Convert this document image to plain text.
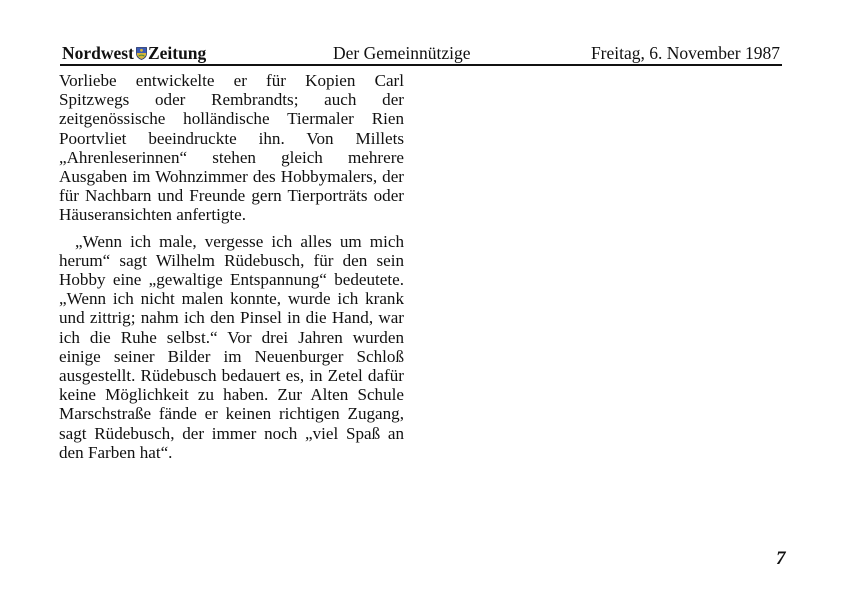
Nordwest Zeitung	Der Gemeinnützige	Freitag, 6. November 1987

Vorliebe entwickelte er für Kopien Carl Spitzwegs oder Rembrandts; auch der zeitgenössische holländische Tiermaler Rien Poortvliet beeindruckte ihn. Von Millets „Ahrenleserinnen“ stehen gleich mehrere Ausgaben im Wohnzimmer des Hobbymalers, der für Nachbarn und Freunde gern Tierporträts oder Häuseransichten anfertigte.

„Wenn ich male, vergesse ich alles um mich herum“ sagt Wilhelm Rüdebusch, für den sein Hobby eine „gewaltige Entspannung“ bedeutete. „Wenn ich nicht malen konnte, wurde ich krank und zittrig; nahm ich den Pinsel in die Hand, war ich die Ruhe selbst.“ Vor drei Jahren wurden einige seiner Bilder im Neuenburger Schloß ausgestellt. Rüdebusch bedauert es, in Zetel dafür keine Möglichkeit zu haben. Zur Alten Schule Marschstraße fände er keinen richtigen Zugang, sagt Rüdebusch, der immer noch „viel Spaß an den Farben hat“.

7
